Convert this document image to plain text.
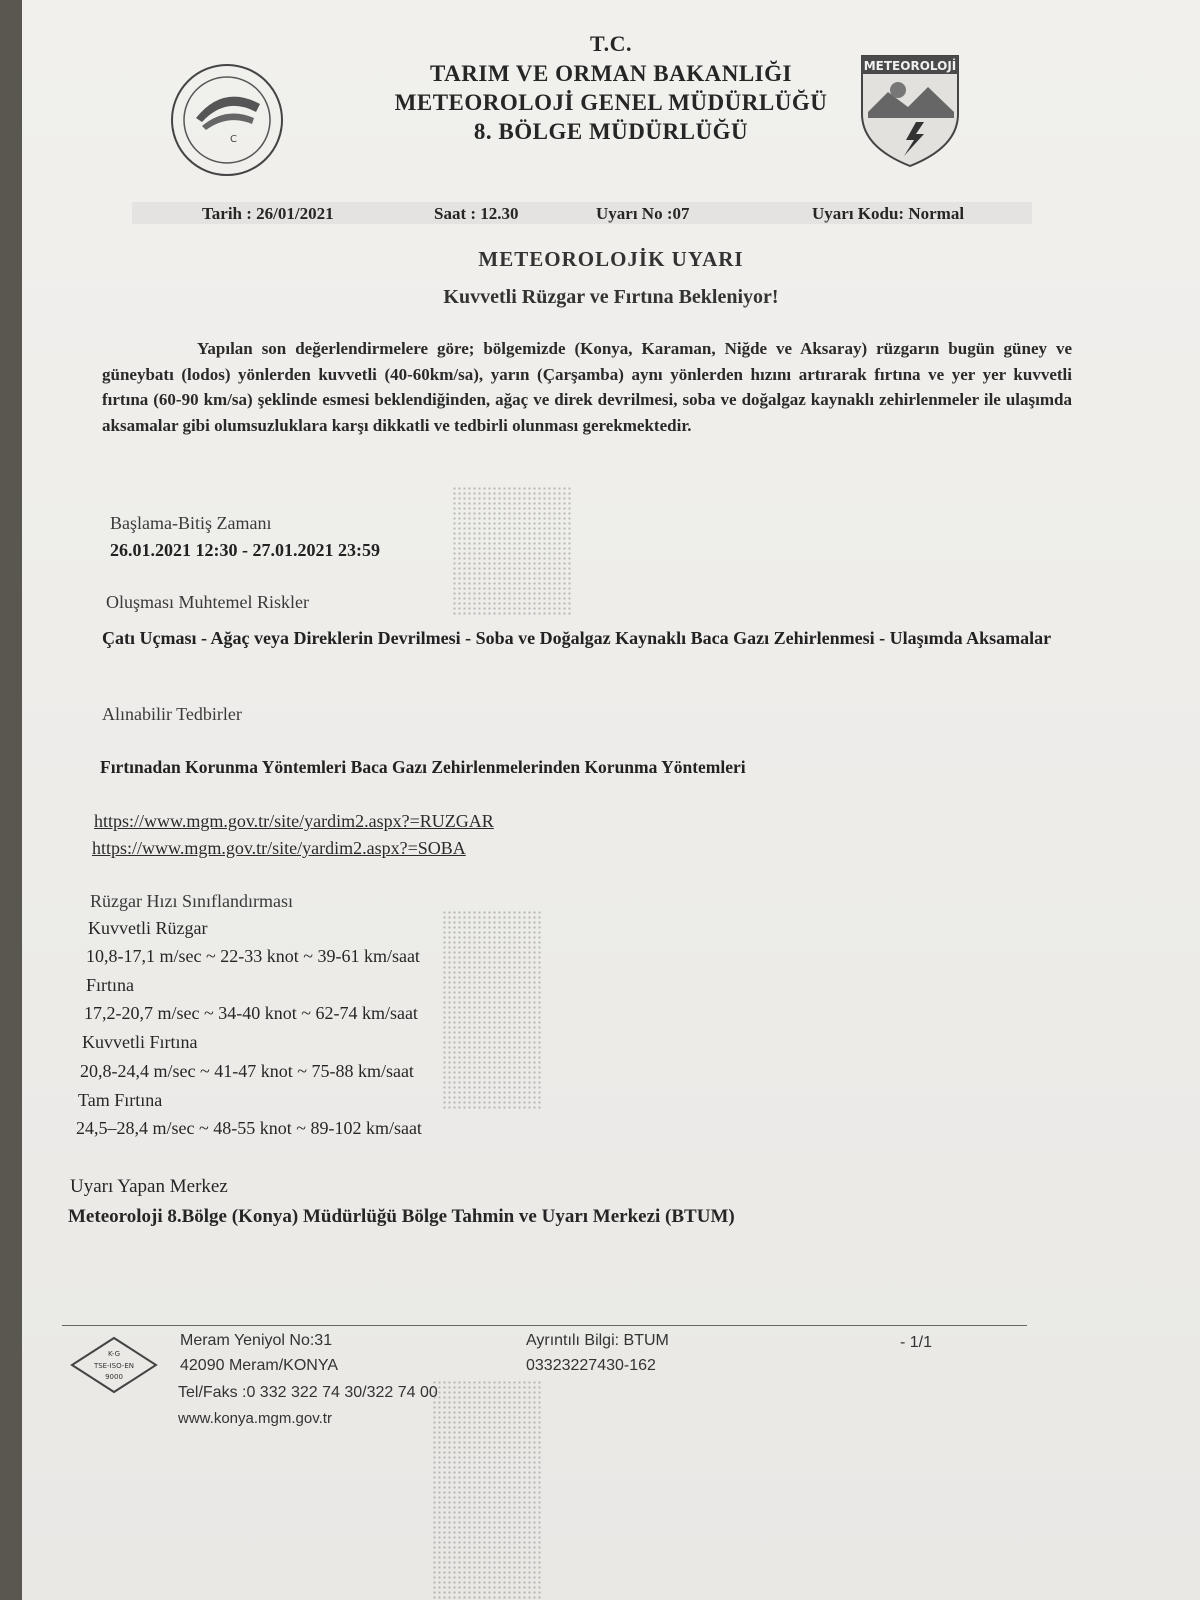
C
T.C.
TARIM VE ORMAN BAKANLIĞI
METEOROLOJİ GENEL MÜDÜRLÜĞÜ
8. BÖLGE MÜDÜRLÜĞÜ
METEOROLOJİ
Tarih : 26/01/2021	Saat : 12.30	Uyarı No :07	Uyarı Kodu: Normal
METEOROLOJİK UYARI
Kuvvetli Rüzgar ve Fırtına Bekleniyor!
Yapılan son değerlendirmelere göre; bölgemizde (Konya, Karaman, Niğde ve Aksaray) rüzgarın bugün güney ve güneybatı (lodos) yönlerden kuvvetli (40-60km/sa), yarın (Çarşamba) aynı yönlerden hızını artırarak fırtına ve yer yer kuvvetli fırtına (60-90 km/sa) şeklinde esmesi beklendiğinden, ağaç ve direk devrilmesi, soba ve doğalgaz kaynaklı zehirlenmeler ile ulaşımda aksamalar gibi olumsuzluklara karşı dikkatli ve tedbirli olunması gerekmektedir.
Başlama-Bitiş Zamanı
26.01.2021 12:30 - 27.01.2021 23:59
Oluşması Muhtemel Riskler
Çatı Uçması - Ağaç veya Direklerin Devrilmesi - Soba ve Doğalgaz Kaynaklı Baca Gazı Zehirlenmesi - Ulaşımda Aksamalar
Alınabilir Tedbirler
Fırtınadan Korunma Yöntemleri Baca Gazı Zehirlenmelerinden Korunma Yöntemleri
https://www.mgm.gov.tr/site/yardim2.aspx?=RUZGAR
https://www.mgm.gov.tr/site/yardim2.aspx?=SOBA
Rüzgar Hızı Sınıflandırması
Kuvvetli Rüzgar
10,8-17,1 m/sec ~ 22-33 knot ~ 39-61 km/saat
Fırtına
17,2-20,7 m/sec ~ 34-40 knot ~ 62-74 km/saat
Kuvvetli Fırtına
20,8-24,4 m/sec ~ 41-47 knot ~ 75-88 km/saat
Tam Fırtına
24,5–28,4 m/sec ~ 48-55 knot ~ 89-102 km/saat
Uyarı Yapan Merkez
Meteoroloji 8.Bölge (Konya) Müdürlüğü Bölge Tahmin ve Uyarı Merkezi (BTUM)
K-G
TSE-ISO-EN
9000
Meram Yeniyol No:31
42090 Meram/KONYA
Tel/Faks :0 332 322 74 30/322 74 00
www.konya.mgm.gov.tr
Ayrıntılı Bilgi: BTUM
03323227430-162
- 1/1
